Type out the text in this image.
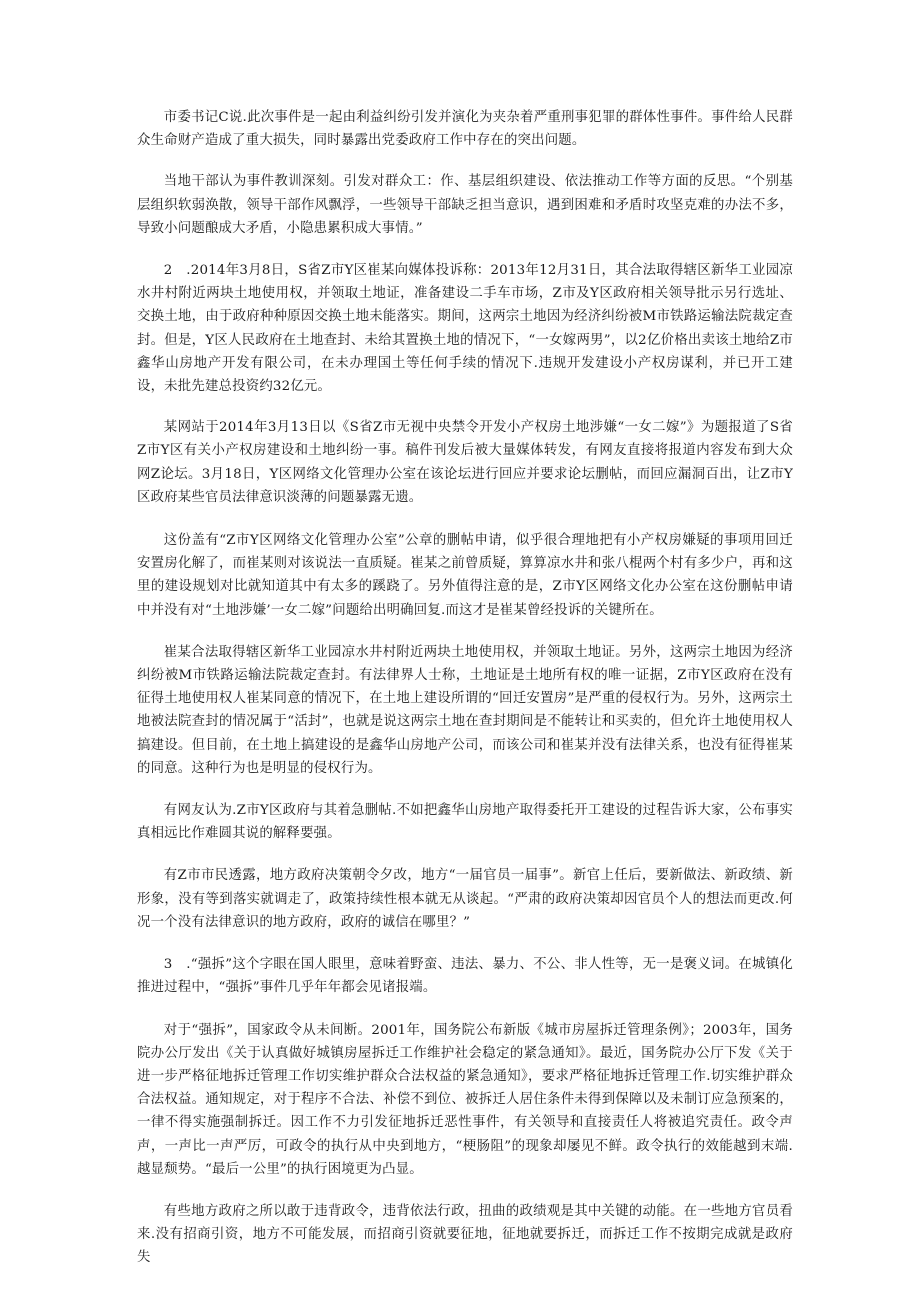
市委书记C说.此次事件是一起由利益纠纷引发并演化为夹杂着严重刑事犯罪的群体性事件。事件给人民群众生命财产造成了重大损失，同时暴露出党委政府工作中存在的突出问题。

当地干部认为事件教训深刻。引发对群众工：作、基层组织建设、依法推动工作等方面的反思。“个别基层组织软弱涣散，领导干部作风飘浮，一些领导干部缺乏担当意识，遇到困难和矛盾时攻坚克难的办法不多，导致小问题酿成大矛盾，小隐患累积成大事情。”

2　.2014年3月8日，S省Z市Y区崔某向媒体投诉称：2013年12月31日，其合法取得辖区新华工业园凉水井村附近两块土地使用权，并领取土地证，准备建设二手车市场，Z市及Y区政府相关领导批示另行选址、交换土地，由于政府种种原因交换土地未能落实。期间，这两宗土地因为经济纠纷被M市铁路运输法院裁定查封。但是，Y区人民政府在土地查封、未给其置换土地的情况下，“一女嫁两男”，以2亿价格出卖该土地给Z市鑫华山房地产开发有限公司，在未办理国土等任何手续的情况下.违规开发建设小产权房谋利，并已开工建设，未批先建总投资约32亿元。

某网站于2014年3月13日以《S省Z市无视中央禁令开发小产权房土地涉嫌“一女二嫁”》为题报道了S省Z市Y区有关小产权房建设和土地纠纷一事。稿件刊发后被大量媒体转发，有网友直接将报道内容发布到大众网Z论坛。3月18日，Y区网络文化管理办公室在该论坛进行回应并要求论坛删帖，而回应漏洞百出，让Z市Y区政府某些官员法律意识淡薄的问题暴露无遗。

这份盖有“Z市Y区网络文化管理办公室”公章的删帖申请，似乎很合理地把有小产权房嫌疑的事项用回迁安置房化解了，而崔某则对该说法一直质疑。崔某之前曾质疑，算算凉水井和张八棍两个村有多少户，再和这里的建设规划对比就知道其中有太多的蹊跷了。另外值得注意的是，Z市Y区网络文化办公室在这份删帖申请中并没有对“土地涉嫌’一女二嫁”问题给出明确回复.而这才是崔某曾经投诉的关键所在。

崔某合法取得辖区新华工业园凉水井村附近两块土地使用权，并领取土地证。另外，这两宗土地因为经济纠纷被M市铁路运输法院裁定查封。有法律界人士称，土地证是土地所有权的唯一证据，Z市Y区政府在没有征得土地使用权人崔某同意的情况下，在土地上建设所谓的“回迁安置房”是严重的侵权行为。另外，这两宗土地被法院查封的情况属于“活封”，也就是说这两宗土地在查封期间是不能转让和买卖的，但允许土地使用权人搞建设。但目前，在土地上搞建设的是鑫华山房地产公司，而该公司和崔某并没有法律关系，也没有征得崔某的同意。这种行为也是明显的侵权行为。

有网友认为.Z市Y区政府与其着急删帖.不如把鑫华山房地产取得委托开工建设的过程告诉大家，公布事实真相远比作难圆其说的解释要强。

有Z市市民透露，地方政府决策朝令夕改，地方“一届官员一届事”。新官上任后，要新做法、新政绩、新形象，没有等到落实就调走了，政策持续性根本就无从谈起。“严肃的政府决策却因官员个人的想法而更改.何况一个没有法律意识的地方政府，政府的诚信在哪里？”

3　.“强拆”这个字眼在国人眼里，意味着野蛮、违法、暴力、不公、非人性等，无一是褒义词。在城镇化推进过程中，“强拆”事件几乎年年都会见诸报端。

对于“强拆”，国家政令从未间断。2001年，国务院公布新版《城市房屋拆迁管理条例》；2003年，国务院办公厅发出《关于认真做好城镇房屋拆迁工作维护社会稳定的紧急通知》。最近，国务院办公厅下发《关于进一步严格征地拆迁管理工作切实维护群众合法权益的紧急通知》，要求严格征地拆迁管理工作.切实维护群众合法权益。通知规定，对于程序不合法、补偿不到位、被拆迁人居住条件未得到保障以及未制订应急预案的，一律不得实施强制拆迁。因工作不力引发征地拆迁恶性事件，有关领导和直接责任人将被追究责任。政令声声，一声比一声严厉，可政令的执行从中央到地方，“梗肠阻”的现象却屡见不鲜。政令执行的效能越到末端.越显颓势。“最后一公里”的执行困境更为凸显。

有些地方政府之所以敢于违背政令，违背依法行政，扭曲的政绩观是其中关键的动能。在一些地方官员看来.没有招商引资，地方不可能发展，而招商引资就要征地，征地就要拆迁，而拆迁工作不按期完成就是政府失
